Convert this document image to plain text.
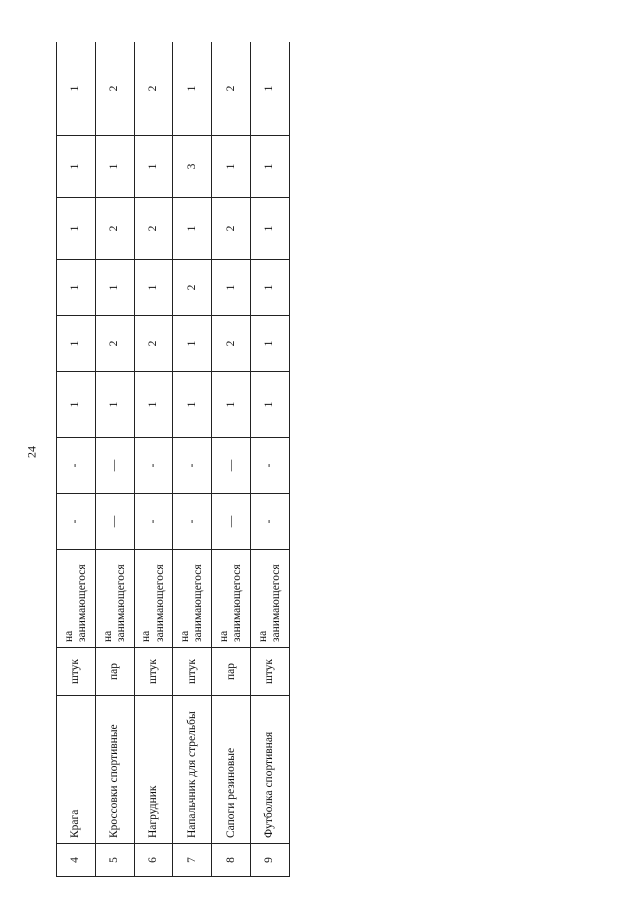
24
4	Крага	штук	на занимающегося	-	-	1	1	1	1	1	1
5	Кроссовки спортивные	пар	на занимающегося	—	—	1	2	1	2	1	2
6	Нагрудник	штук	на занимающегося	-	-	1	2	1	2	1	2
7	Напальчник для стрельбы	штук	на занимающегося	-	-	1	1	2	1	3	1
8	Сапоги резиновые	пар	на занимающегося	—	—	1	2	1	2	1	2
9	Футболка спортивная	штук	на занимающегося	-	-	1	1	1	1	1	1
